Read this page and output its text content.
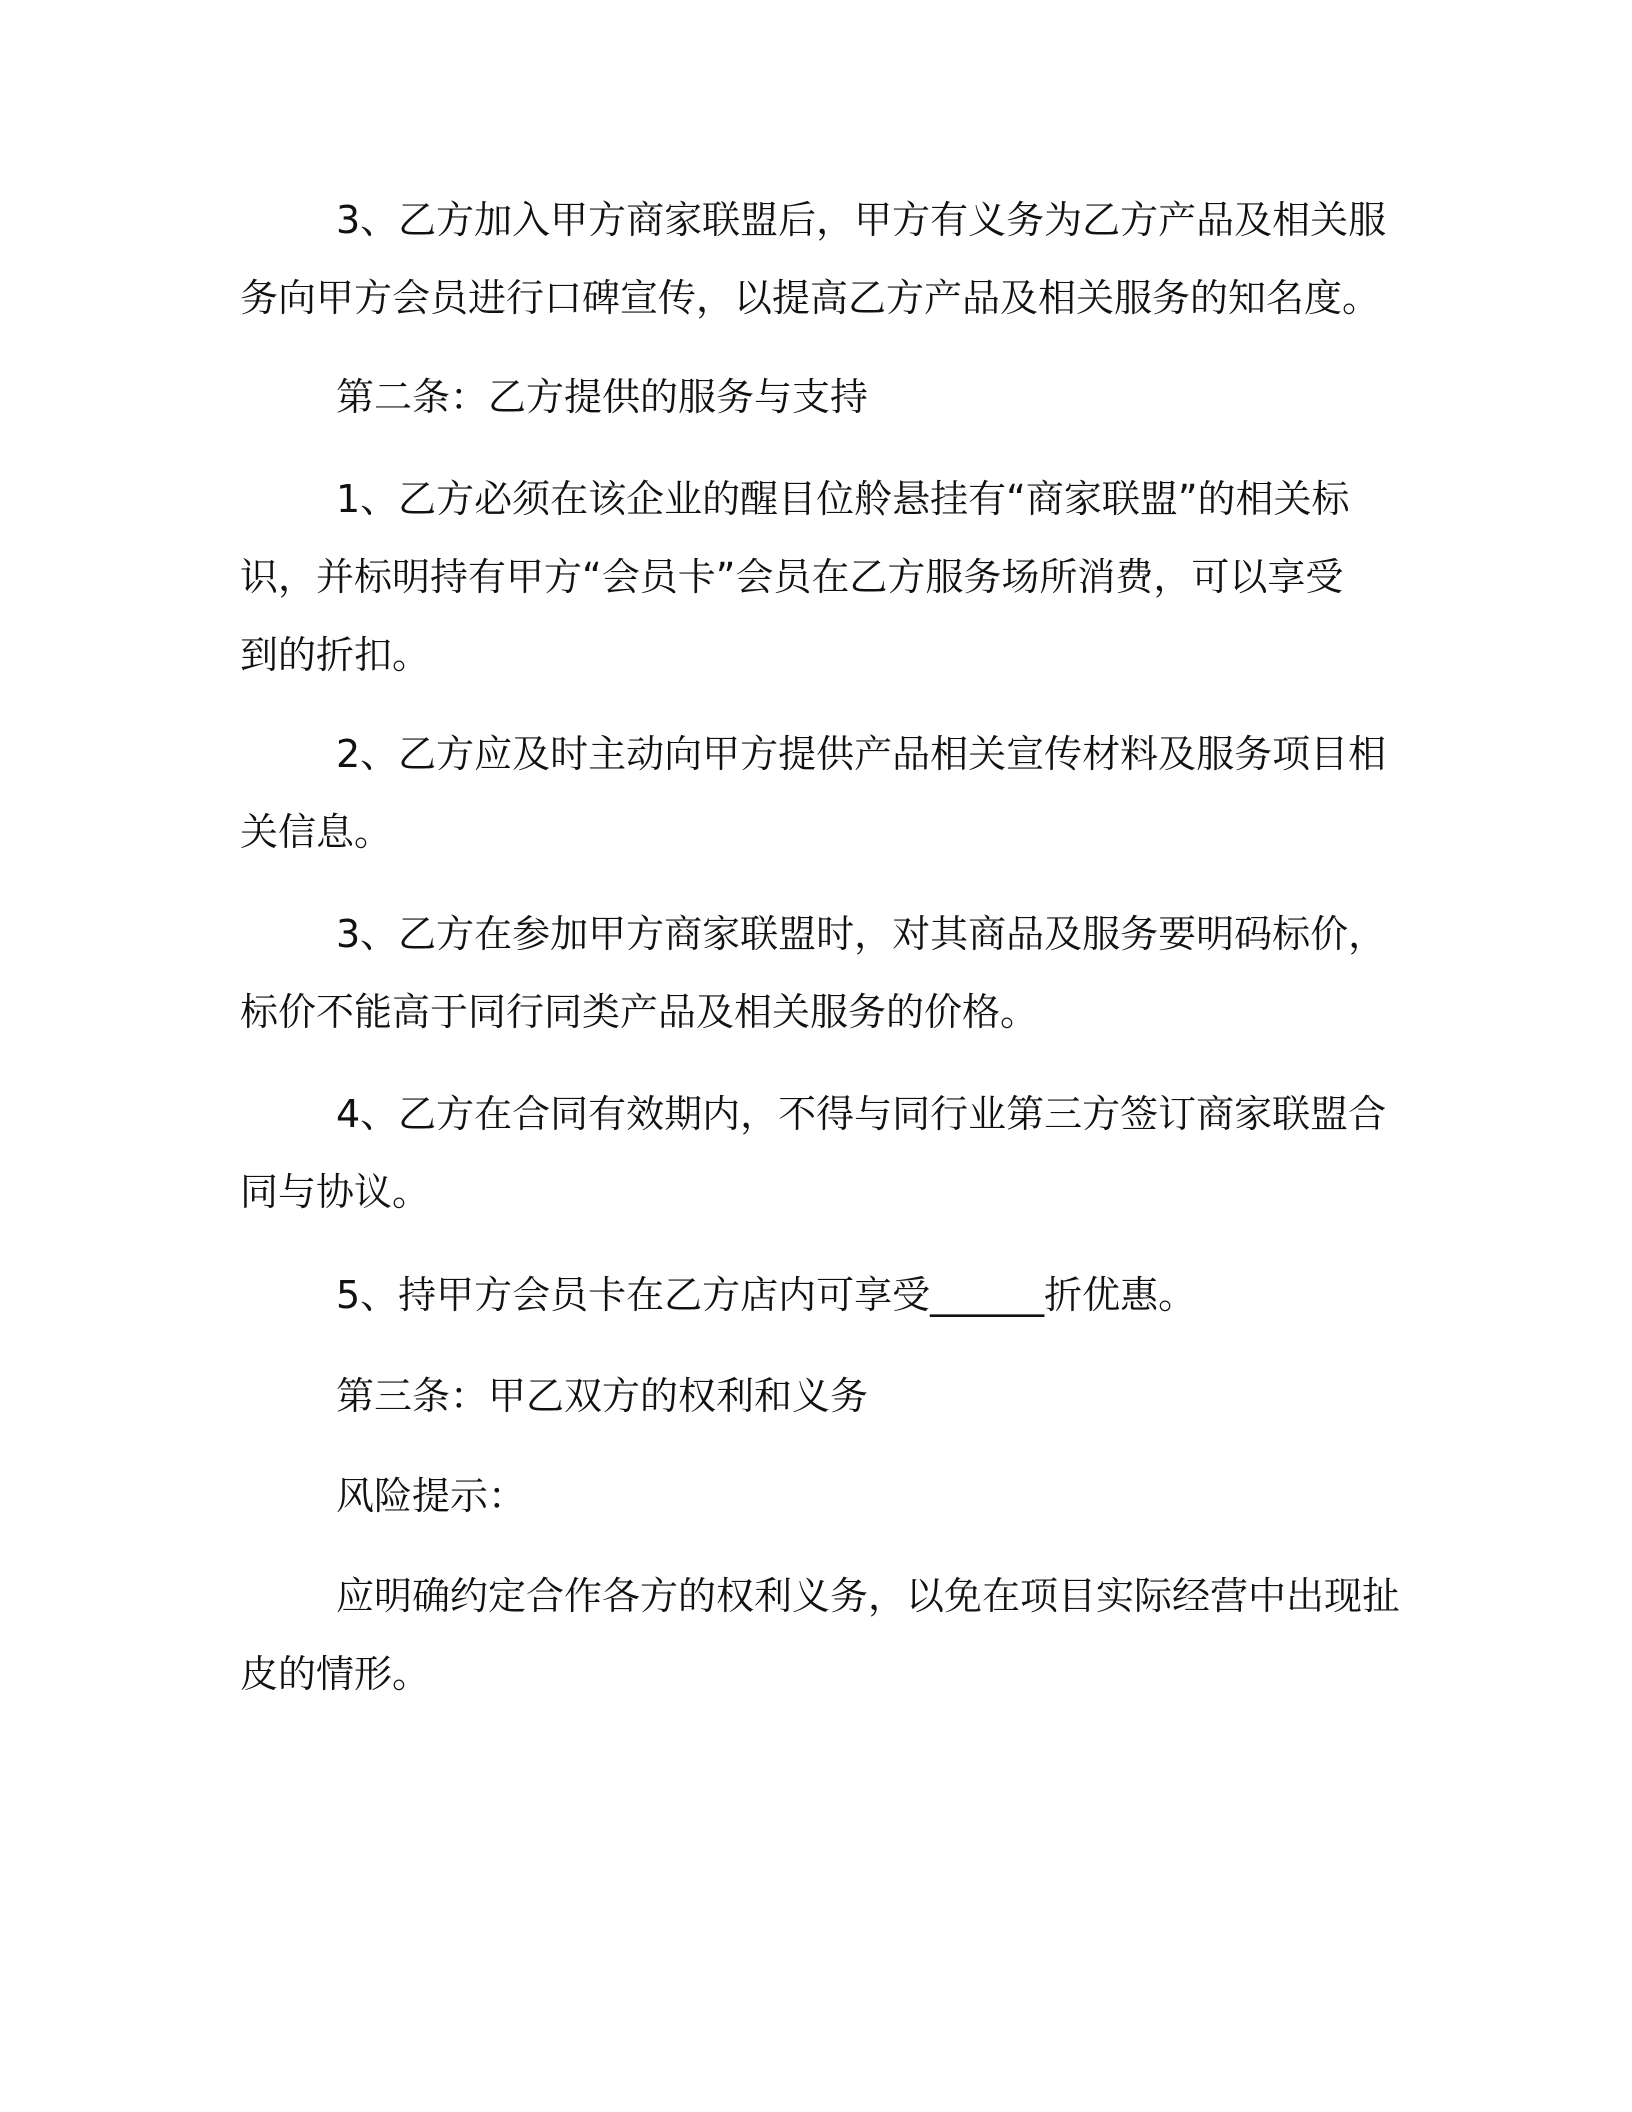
3、乙方加入甲方商家联盟后，甲方有义务为乙方产品及相关服
务向甲方会员进行口碑宣传，以提高乙方产品及相关服务的知名度。

第二条：乙方提供的服务与支持

1、乙方必须在该企业的醒目位舲悬挂有“商家联盟”的相关标
识，并标明持有甲方“会员卡”会员在乙方服务场所消费，可以享受
到的折扣。

2、乙方应及时主动向甲方提供产品相关宣传材料及服务项目相
关信息。

3、乙方在参加甲方商家联盟时，对其商品及服务要明码标价，
标价不能高于同行同类产品及相关服务的价格。

4、乙方在合同有效期内，不得与同行业第三方签订商家联盟合
同与协议。

5、持甲方会员卡在乙方店内可享受______折优惠。

第三条：甲乙双方的权利和义务

风险提示：

应明确约定合作各方的权利义务，以免在项目实际经营中出现扯
皮的情形。
